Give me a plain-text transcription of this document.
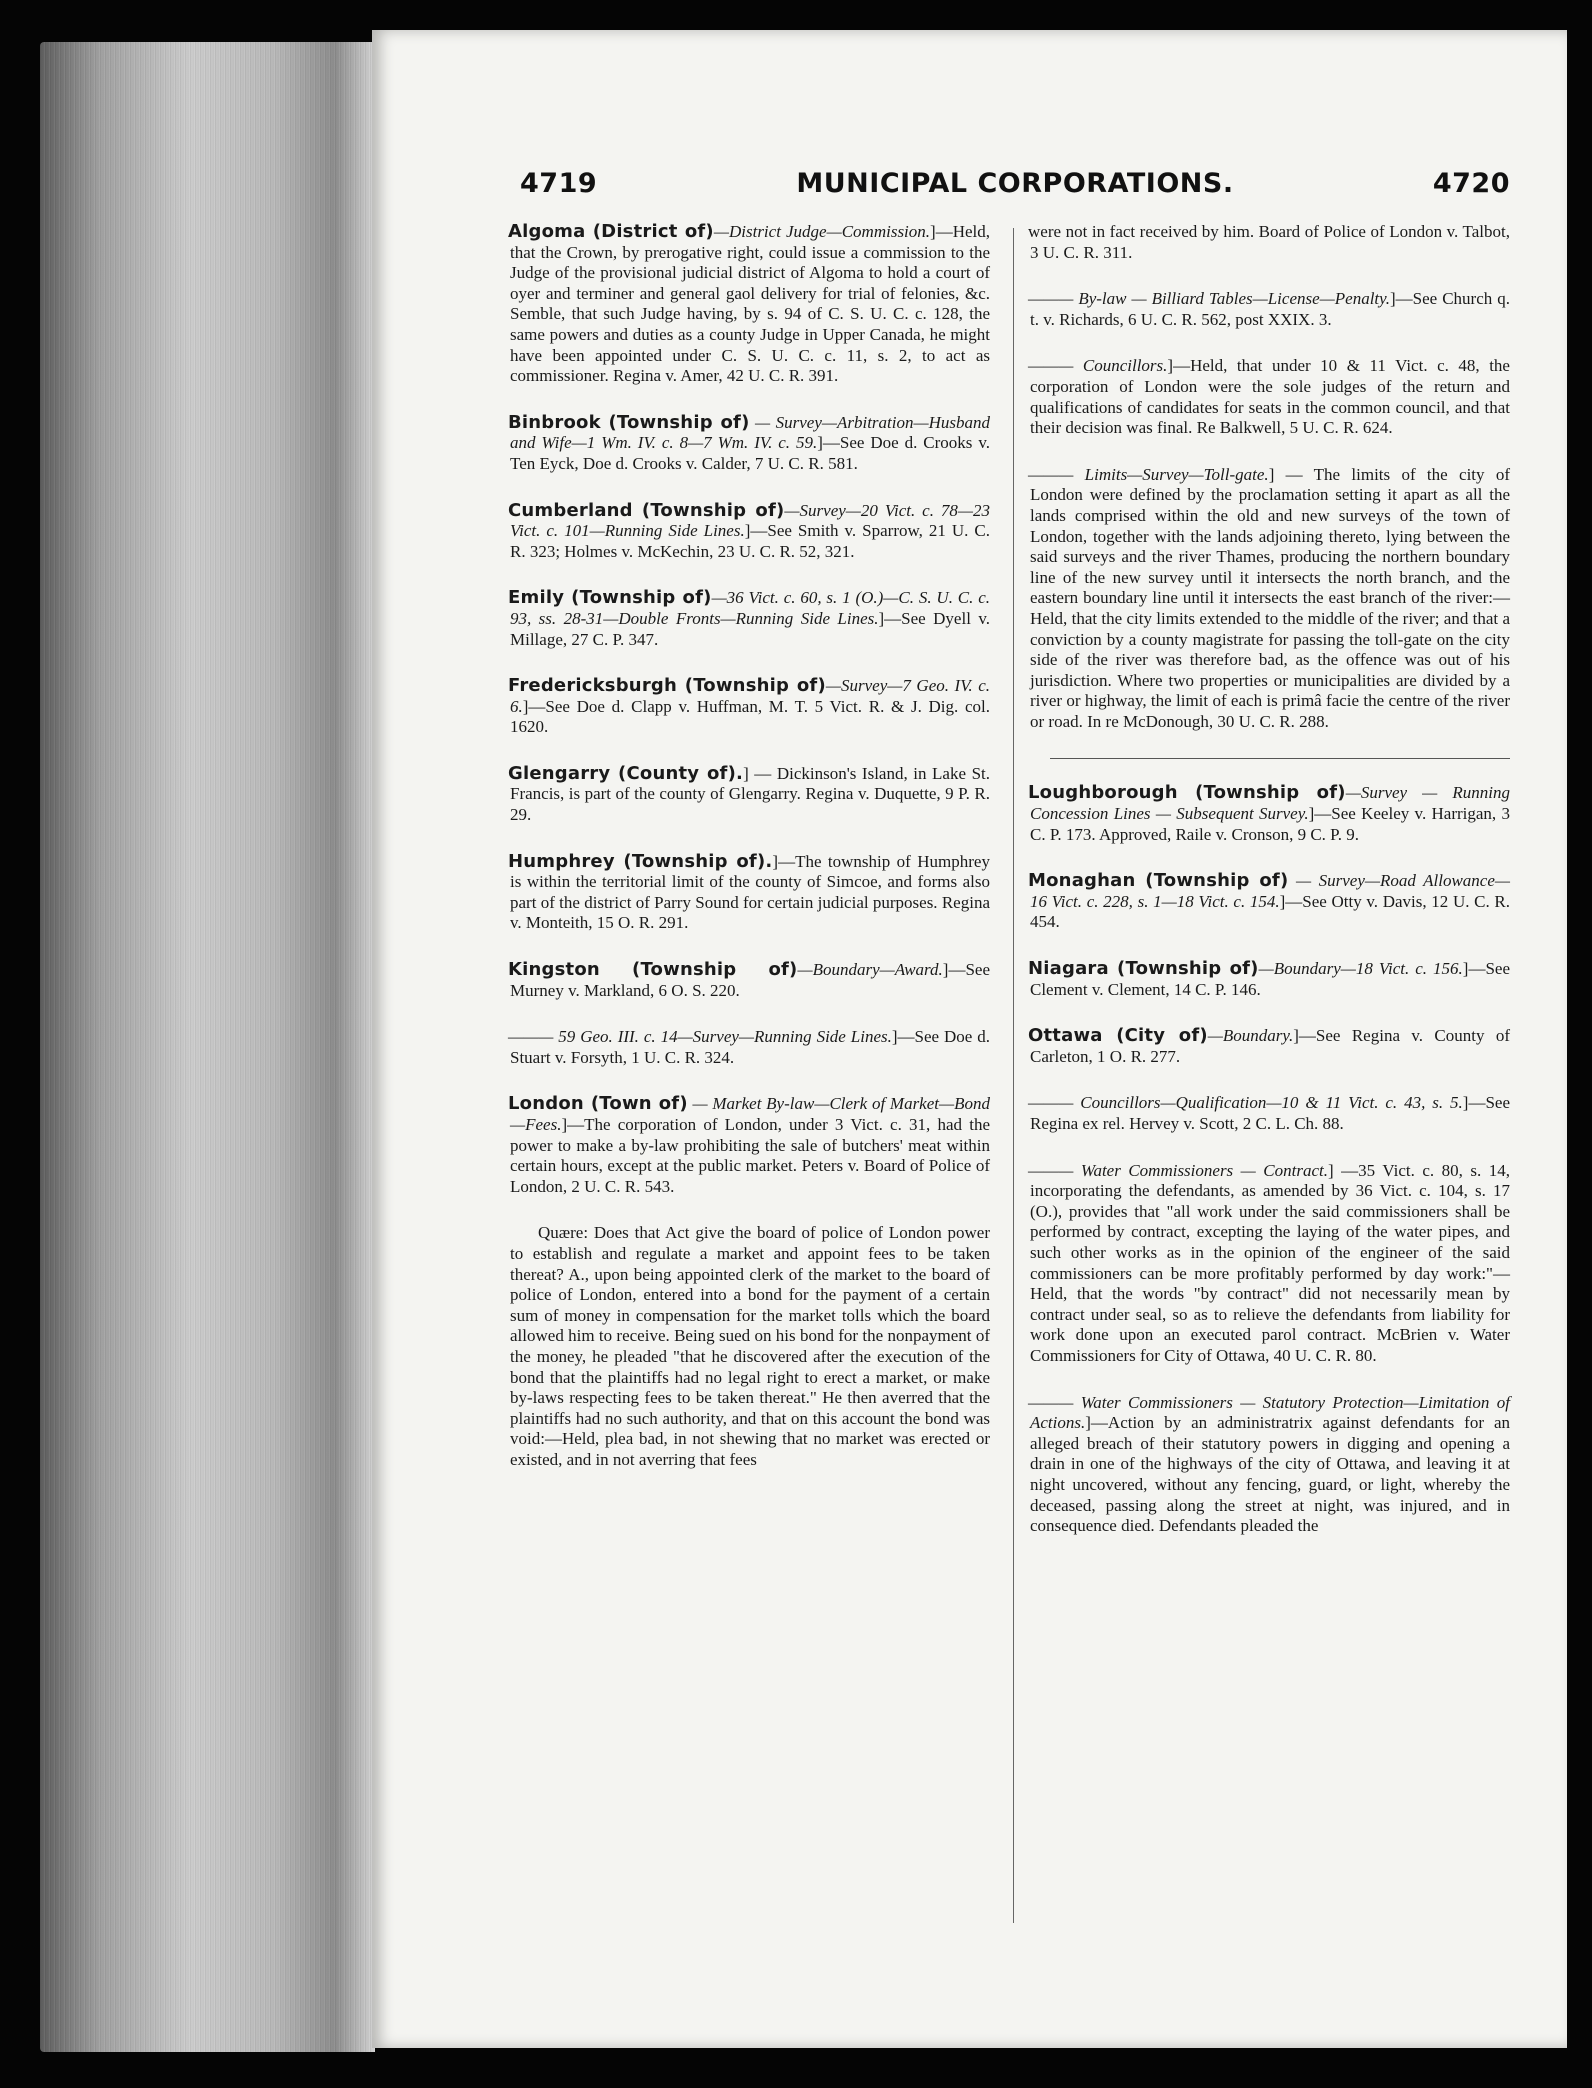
4719	MUNICIPAL CORPORATIONS.	4720

Algoma (District of)—District Judge—Commission.]—Held, that the Crown, by prerogative right, could issue a commission to the Judge of the provisional judicial district of Algoma to hold a court of oyer and terminer and general gaol delivery for trial of felonies, &c. Semble, that such Judge having, by s. 94 of C. S. U. C. c. 128, the same powers and duties as a county Judge in Upper Canada, he might have been appointed under C. S. U. C. c. 11, s. 2, to act as commissioner. Regina v. Amer, 42 U. C. R. 391.

Binbrook (Township of) — Survey—Arbitration—Husband and Wife—1 Wm. IV. c. 8—7 Wm. IV. c. 59.]—See Doe d. Crooks v. Ten Eyck, Doe d. Crooks v. Calder, 7 U. C. R. 581.

Cumberland (Township of)—Survey—20 Vict. c. 78—23 Vict. c. 101—Running Side Lines.]—See Smith v. Sparrow, 21 U. C. R. 323; Holmes v. McKechin, 23 U. C. R. 52, 321.

Emily (Township of)—36 Vict. c. 60, s. 1 (O.)—C. S. U. C. c. 93, ss. 28-31—Double Fronts—Running Side Lines.]—See Dyell v. Millage, 27 C. P. 347.

Fredericksburgh (Township of)—Survey—7 Geo. IV. c. 6.]—See Doe d. Clapp v. Huffman, M. T. 5 Vict. R. & J. Dig. col. 1620.

Glengarry (County of).] — Dickinson's Island, in Lake St. Francis, is part of the county of Glengarry. Regina v. Duquette, 9 P. R. 29.

Humphrey (Township of).]—The township of Humphrey is within the territorial limit of the county of Simcoe, and forms also part of the district of Parry Sound for certain judicial purposes. Regina v. Monteith, 15 O. R. 291.

Kingston (Township of)—Boundary—Award.]—See Murney v. Markland, 6 O. S. 220.

——— 59 Geo. III. c. 14—Survey—Running Side Lines.]—See Doe d. Stuart v. Forsyth, 1 U. C. R. 324.

London (Town of) — Market By-law—Clerk of Market—Bond—Fees.]—The corporation of London, under 3 Vict. c. 31, had the power to make a by-law prohibiting the sale of butchers' meat within certain hours, except at the public market. Peters v. Board of Police of London, 2 U. C. R. 543.

Quære: Does that Act give the board of police of London power to establish and regulate a market and appoint fees to be taken thereat? A., upon being appointed clerk of the market to the board of police of London, entered into a bond for the payment of a certain sum of money in compensation for the market tolls which the board allowed him to receive. Being sued on his bond for the nonpayment of the money, he pleaded "that he discovered after the execution of the bond that the plaintiffs had no legal right to erect a market, or make by-laws respecting fees to be taken thereat." He then averred that the plaintiffs had no such authority, and that on this account the bond was void:—Held, plea bad, in not shewing that no market was erected or existed, and in not averring that fees

were not in fact received by him. Board of Police of London v. Talbot, 3 U. C. R. 311.

——— By-law — Billiard Tables—License—Penalty.]—See Church q. t. v. Richards, 6 U. C. R. 562, post XXIX. 3.

——— Councillors.]—Held, that under 10 & 11 Vict. c. 48, the corporation of London were the sole judges of the return and qualifications of candidates for seats in the common council, and that their decision was final. Re Balkwell, 5 U. C. R. 624.

——— Limits—Survey—Toll-gate.] — The limits of the city of London were defined by the proclamation setting it apart as all the lands comprised within the old and new surveys of the town of London, together with the lands adjoining thereto, lying between the said surveys and the river Thames, producing the northern boundary line of the new survey until it intersects the north branch, and the eastern boundary line until it intersects the east branch of the river:—Held, that the city limits extended to the middle of the river; and that a conviction by a county magistrate for passing the toll-gate on the city side of the river was therefore bad, as the offence was out of his jurisdiction. Where two properties or municipalities are divided by a river or highway, the limit of each is primâ facie the centre of the river or road. In re McDonough, 30 U. C. R. 288.

Loughborough (Township of)—Survey — Running Concession Lines — Subsequent Survey.]—See Keeley v. Harrigan, 3 C. P. 173. Approved, Raile v. Cronson, 9 C. P. 9.

Monaghan (Township of) — Survey—Road Allowance—16 Vict. c. 228, s. 1—18 Vict. c. 154.]—See Otty v. Davis, 12 U. C. R. 454.

Niagara (Township of)—Boundary—18 Vict. c. 156.]—See Clement v. Clement, 14 C. P. 146.

Ottawa (City of)—Boundary.]—See Regina v. County of Carleton, 1 O. R. 277.

——— Councillors—Qualification—10 & 11 Vict. c. 43, s. 5.]—See Regina ex rel. Hervey v. Scott, 2 C. L. Ch. 88.

——— Water Commissioners — Contract.] —35 Vict. c. 80, s. 14, incorporating the defendants, as amended by 36 Vict. c. 104, s. 17 (O.), provides that "all work under the said commissioners shall be performed by contract, excepting the laying of the water pipes, and such other works as in the opinion of the engineer of the said commissioners can be more profitably performed by day work:"—Held, that the words "by contract" did not necessarily mean by contract under seal, so as to relieve the defendants from liability for work done upon an executed parol contract. McBrien v. Water Commissioners for City of Ottawa, 40 U. C. R. 80.

——— Water Commissioners — Statutory Protection—Limitation of Actions.]—Action by an administratrix against defendants for an alleged breach of their statutory powers in digging and opening a drain in one of the highways of the city of Ottawa, and leaving it at night uncovered, without any fencing, guard, or light, whereby the deceased, passing along the street at night, was injured, and in consequence died. Defendants pleaded the
